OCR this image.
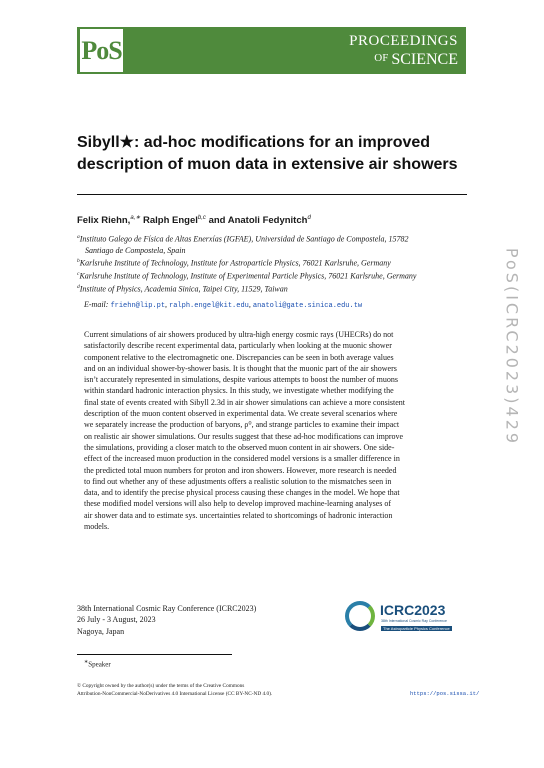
PoS	PROCEEDINGS
OF SCIENCE
Sibyll★: ad-hoc modifications for an improved
description of muon data in extensive air showers
Felix Riehn,$^{a,∗}$ Ralph Engel$^{b,c}$ and Anatoli Fedynitch$^d$
$^a$Instituto Galego de Física de Altas Enerxías (IGFAE), Universidad de Santiago de Compostela, 15782
Santiago de Compostela, Spain
$^b$Karlsruhe Institute of Technology, Institute for Astroparticle Physics, 76021 Karlsruhe, Germany
$^c$Karlsruhe Institute of Technology, Institute of Experimental Particle Physics, 76021 Karlsruhe, Germany
$^d$Institute of Physics, Academia Sinica, Taipei City, 11529, Taiwan
E-mail: friehn@lip.pt, ralph.engel@kit.edu, anatoli@gate.sinica.edu.tw
Current simulations of air showers produced by ultra-high energy cosmic rays (UHECRs) do not
satisfactorily describe recent experimental data, particularly when looking at the muonic shower
component relative to the electromagnetic one. Discrepancies can be seen in both average values
and on an individual shower-by-shower basis. It is thought that the muonic part of the air showers
isn’t accurately represented in simulations, despite various attempts to boost the number of muons
within standard hadronic interaction physics. In this study, we investigate whether modifying the
final state of events created with Sibyll 2.3d in air shower simulations can achieve a more consistent
description of the muon content observed in experimental data. We create several scenarios where
we separately increase the production of baryons, ρ⁰, and strange particles to examine their impact
on realistic air shower simulations. Our results suggest that these ad-hoc modifications can improve
the simulations, providing a closer match to the observed muon content in air showers. One side-
effect of the increased muon production in the considered model versions is a smaller difference in
the predicted total muon numbers for proton and iron showers. However, more research is needed
to find out whether any of these adjustments offers a realistic solution to the mismatches seen in
data, and to identify the precise physical process causing these changes in the model. We hope that
these modified model versions will also help to develop improved machine-learning analyses of
air shower data and to estimate sys. uncertainties related to shortcomings of hadronic interaction
models.
38th International Cosmic Ray Conference (ICRC2023)
26 July - 3 August, 2023
Nagoya, Japan
ICRC2023
38th International Cosmic Ray Conference
The Astroparticle Physics Conference
∗Speaker
© Copyright owned by the author(s) under the terms of the Creative Commons
Attribution-NonCommercial-NoDerivatives 4.0 International License (CC BY-NC-ND 4.0).	https://pos.sissa.it/
PoS(ICRC2023)429
